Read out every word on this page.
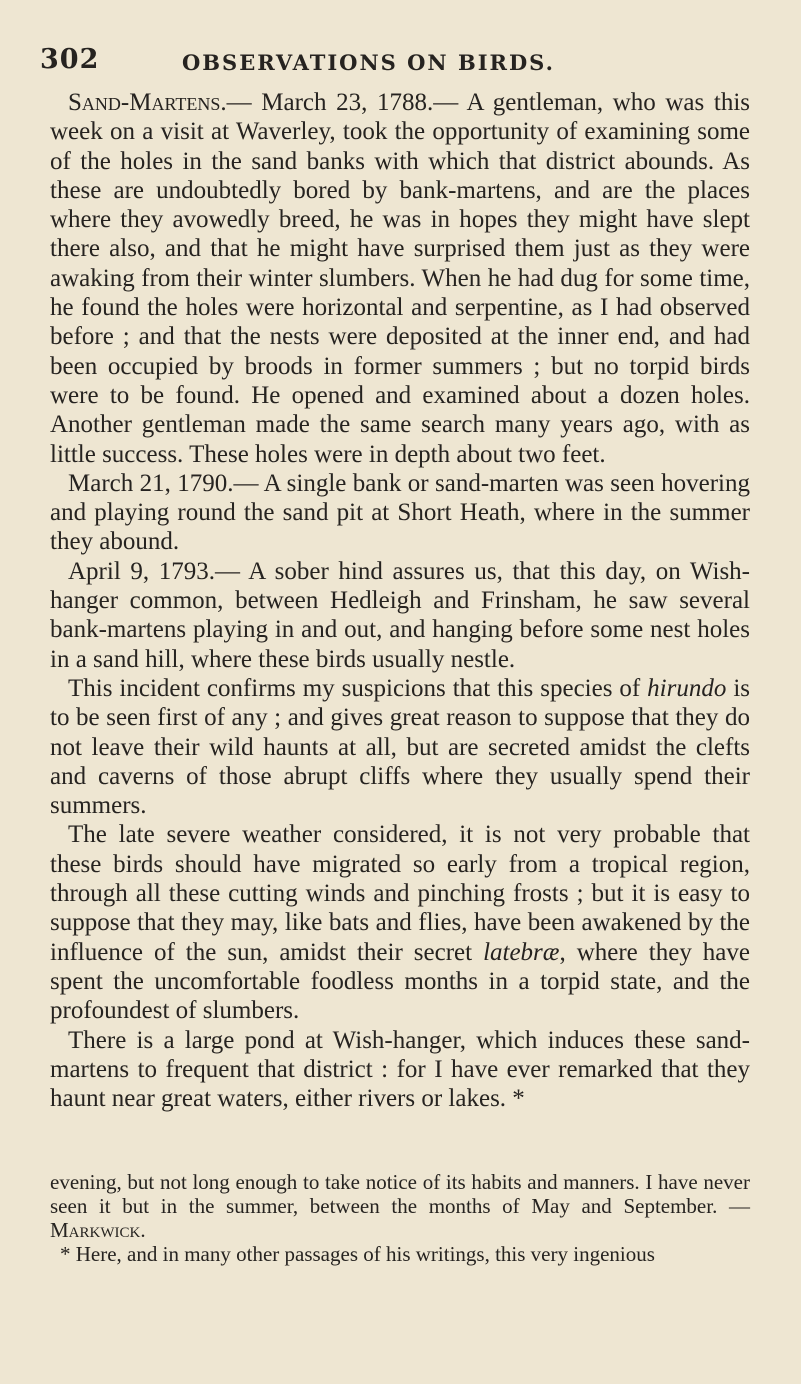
302	OBSERVATIONS ON BIRDS.

Sand-Martens.— March 23, 1788.— A gentleman, who was this week on a visit at Waverley, took the opportunity of examining some of the holes in the sand banks with which that district abounds. As these are undoubtedly bored by bank-martens, and are the places where they avowedly breed, he was in hopes they might have slept there also, and that he might have surprised them just as they were awaking from their winter slumbers. When he had dug for some time, he found the holes were horizontal and serpentine, as I had observed before ; and that the nests were deposited at the inner end, and had been occupied by broods in former summers ; but no torpid birds were to be found. He opened and examined about a dozen holes. Another gentleman made the same search many years ago, with as little success. These holes were in depth about two feet.

March 21, 1790.— A single bank or sand-marten was seen hovering and playing round the sand pit at Short Heath, where in the summer they abound.

April 9, 1793.— A sober hind assures us, that this day, on Wish-hanger common, between Hedleigh and Frinsham, he saw several bank-martens playing in and out, and hanging before some nest holes in a sand hill, where these birds usually nestle.

This incident confirms my suspicions that this species of hirundo is to be seen first of any ; and gives great reason to suppose that they do not leave their wild haunts at all, but are secreted amidst the clefts and caverns of those abrupt cliffs where they usually spend their summers.

The late severe weather considered, it is not very probable that these birds should have migrated so early from a tropical region, through all these cutting winds and pinching frosts ; but it is easy to suppose that they may, like bats and flies, have been awakened by the influence of the sun, amidst their secret latebræ, where they have spent the uncomfortable foodless months in a torpid state, and the profoundest of slumbers.

There is a large pond at Wish-hanger, which induces these sand-martens to frequent that district : for I have ever remarked that they haunt near great waters, either rivers or lakes. *

evening, but not long enough to take notice of its habits and manners. I have never seen it but in the summer, between the months of May and September. — Markwick.

* Here, and in many other passages of his writings, this very ingenious
